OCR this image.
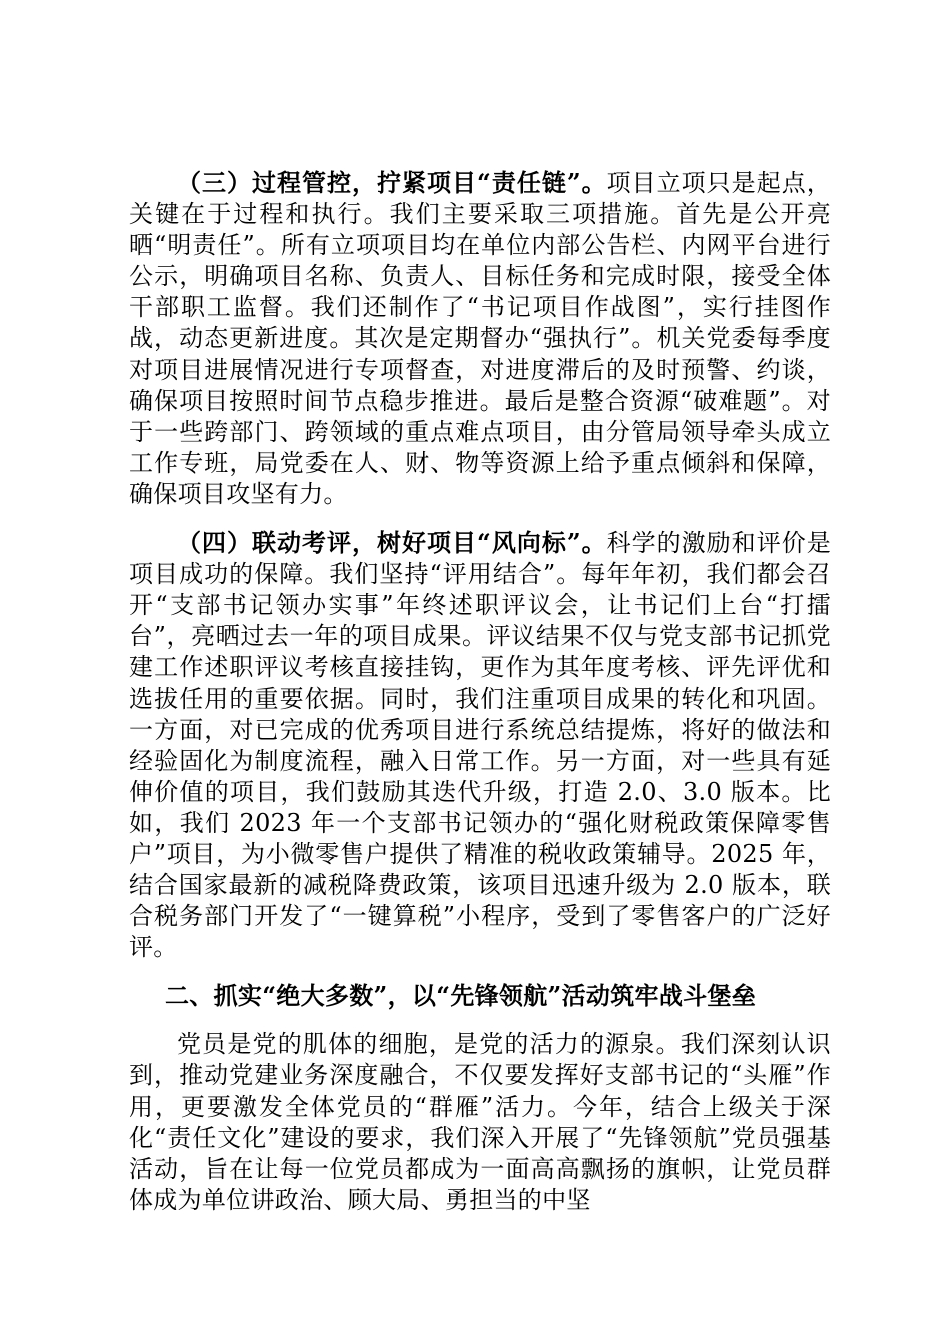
（三）过程管控，拧紧项目“责任链”。项目立项只是起点，关键在于过程和执行。我们主要采取三项措施。首先是公开亮晒“明责任”。所有立项项目均在单位内部公告栏、内网平台进行公示，明确项目名称、负责人、目标任务和完成时限，接受全体干部职工监督。我们还制作了“书记项目作战图”，实行挂图作战，动态更新进度。其次是定期督办“强执行”。机关党委每季度对项目进展情况进行专项督查，对进度滞后的及时预警、约谈，确保项目按照时间节点稳步推进。最后是整合资源“破难题”。对于一些跨部门、跨领域的重点难点项目，由分管局领导牵头成立工作专班，局党委在人、财、物等资源上给予重点倾斜和保障，确保项目攻坚有力。

（四）联动考评，树好项目“风向标”。科学的激励和评价是项目成功的保障。我们坚持“评用结合”。每年年初，我们都会召开“支部书记领办实事”年终述职评议会，让书记们上台“打擂台”，亮晒过去一年的项目成果。评议结果不仅与党支部书记抓党建工作述职评议考核直接挂钩，更作为其年度考核、评先评优和选拔任用的重要依据。同时，我们注重项目成果的转化和巩固。一方面，对已完成的优秀项目进行系统总结提炼，将好的做法和经验固化为制度流程，融入日常工作。另一方面，对一些具有延伸价值的项目，我们鼓励其迭代升级，打造 2.0、3.0 版本。比如，我们 2023 年一个支部书记领办的“强化财税政策保障零售户”项目，为小微零售户提供了精准的税收政策辅导。2025 年，结合国家最新的减税降费政策，该项目迅速升级为 2.0 版本，联合税务部门开发了“一键算税”小程序，受到了零售客户的广泛好评。

二、抓实“绝大多数”，以“先锋领航”活动筑牢战斗堡垒

党员是党的肌体的细胞，是党的活力的源泉。我们深刻认识到，推动党建业务深度融合，不仅要发挥好支部书记的“头雁”作用，更要激发全体党员的“群雁”活力。今年，结合上级关于深化“责任文化”建设的要求，我们深入开展了“先锋领航”党员强基活动，旨在让每一位党员都成为一面高高飘扬的旗帜，让党员群体成为单位讲政治、顾大局、勇担当的中坚
